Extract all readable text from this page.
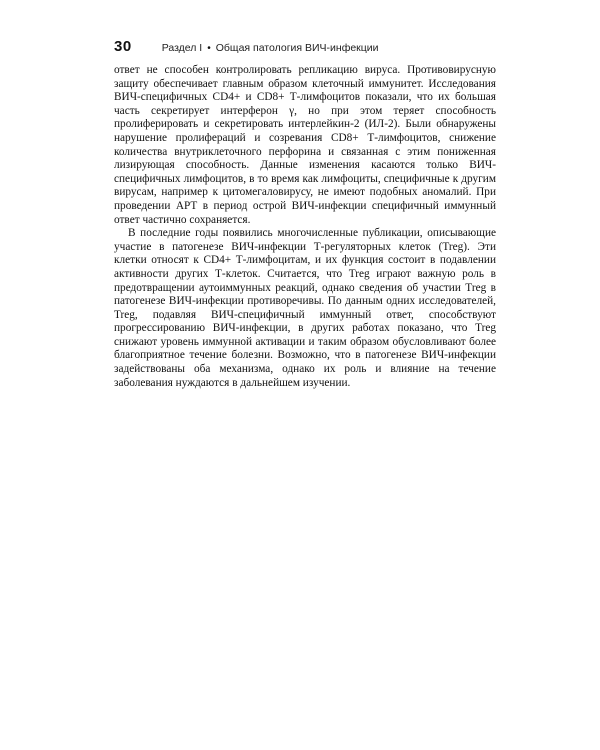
30	Раздел I • Общая патология ВИЧ-инфекции

ответ не способен контролировать репликацию вируса. Противовирусную защиту обеспечивает главным образом клеточный иммунитет. Исследования ВИЧ-специфичных CD4+ и CD8+ Т-лимфоцитов показали, что их большая часть секретирует интерферон γ, но при этом теряет способность пролиферировать и секретировать интерлейкин-2 (ИЛ-2). Были обнаружены нарушение пролифераций и созревания CD8+ Т-лимфоцитов, снижение количества внутриклеточного перфорина и связанная с этим пониженная лизирующая способность. Данные изменения касаются только ВИЧ-специфичных лимфоцитов, в то время как лимфоциты, специфичные к другим вирусам, например к цитомегаловирусу, не имеют подобных аномалий. При проведении АРТ в период острой ВИЧ-инфекции специфичный иммунный ответ частично сохраняется.

В последние годы появились многочисленные публикации, описывающие участие в патогенезе ВИЧ-инфекции Т-регуляторных клеток (Treg). Эти клетки относят к CD4+ Т-лимфоцитам, и их функция состоит в подавлении активности других Т-клеток. Считается, что Treg играют важную роль в предотвращении аутоиммунных реакций, однако сведения об участии Treg в патогенезе ВИЧ-инфекции противоречивы. По данным одних исследователей, Treg, подавляя ВИЧ-специфичный иммунный ответ, способствуют прогрессированию ВИЧ-инфекции, в других работах показано, что Treg снижают уровень иммунной активации и таким образом обусловливают более благоприятное течение болезни. Возможно, что в патогенезе ВИЧ-инфекции задействованы оба механизма, однако их роль и влияние на течение заболевания нуждаются в дальнейшем изучении.
